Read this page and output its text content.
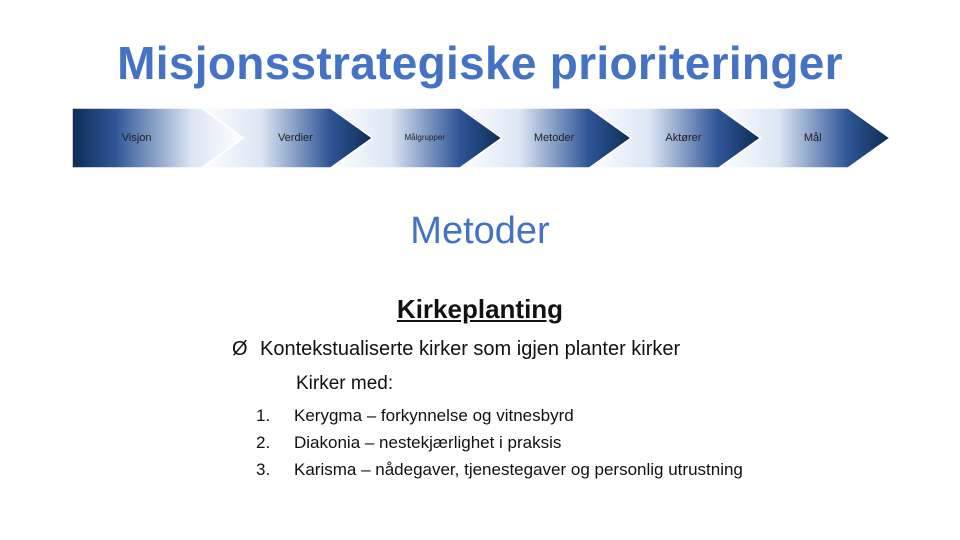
Misjonsstrategiske prioriteringer
Visjon	Verdier	Målgrupper	Metoder	Aktører	Mål
Metoder
Kirkeplanting
Ø Kontekstualiserte kirker som igjen planter kirker
Kirker med:
1. Kerygma – forkynnelse og vitnesbyrd
2. Diakonia – nestekjærlighet i praksis
3. Karisma – nådegaver, tjenestegaver og personlig utrustning
